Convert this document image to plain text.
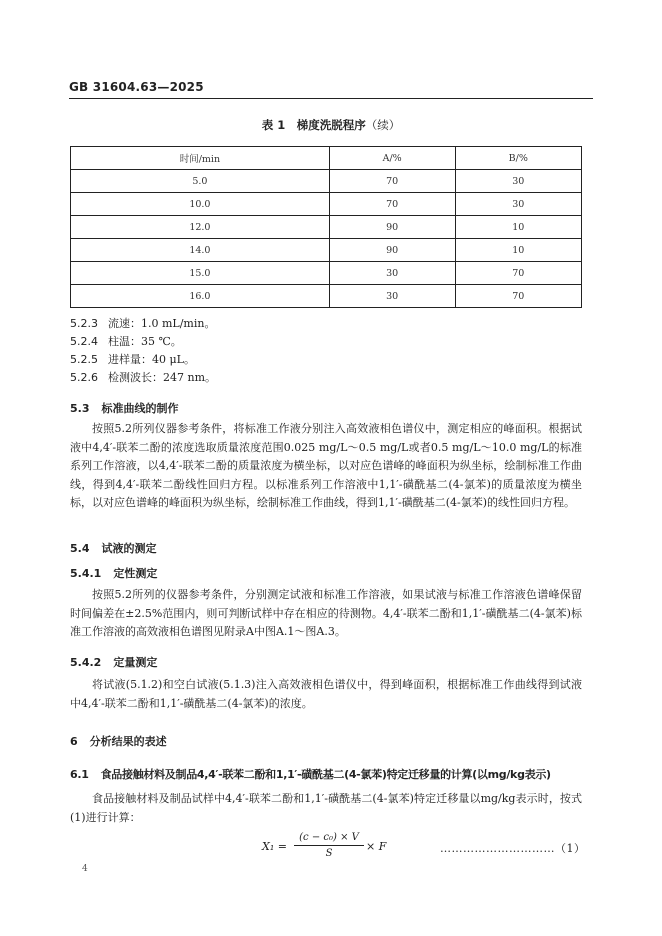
GB 31604.63—2025
表 1　梯度洗脱程序（续）
时间/min	A/%	B/%
5.0	70	30
10.0	70	30
12.0	90	10
14.0	90	10
15.0	30	70
16.0	30	70
5.2.3 流速：1.0 mL/min。
5.2.4 柱温：35 ℃。
5.2.5 进样量：40 μL。
5.2.6 检测波长：247 nm。
5.3 标准曲线的制作
按照5.2所列仪器参考条件，将标准工作液分别注入高效液相色谱仪中，测定相应的峰面积。根据试液中4,4′-联苯二酚的浓度选取质量浓度范围0.025 mg/L～0.5 mg/L或者0.5 mg/L～10.0 mg/L的标准系列工作溶液，以4,4′-联苯二酚的质量浓度为横坐标，以对应色谱峰的峰面积为纵坐标，绘制标准工作曲线，得到4,4′-联苯二酚线性回归方程。以标准系列工作溶液中1,1′-磺酰基二(4-氯苯)的质量浓度为横坐标，以对应色谱峰的峰面积为纵坐标，绘制标准工作曲线，得到1,1′-磺酰基二(4-氯苯)的线性回归方程。
5.4 试液的测定
5.4.1 定性测定
按照5.2所列的仪器参考条件，分别测定试液和标准工作溶液，如果试液与标准工作溶液色谱峰保留时间偏差在±2.5%范围内，则可判断试样中存在相应的待测物。4,4′-联苯二酚和1,1′-磺酰基二(4-氯苯)标准工作溶液的高效液相色谱图见附录A中图A.1～图A.3。
5.4.2 定量测定
将试液(5.1.2)和空白试液(5.1.3)注入高效液相色谱仪中，得到峰面积，根据标准工作曲线得到试液中4,4′-联苯二酚和1,1′-磺酰基二(4-氯苯)的浓度。
6 分析结果的表述
6.1 食品接触材料及制品4,4′-联苯二酚和1,1′-磺酰基二(4-氯苯)特定迁移量的计算(以mg/kg表示)
食品接触材料及制品试样中4,4′-联苯二酚和1,1′-磺酰基二(4-氯苯)特定迁移量以mg/kg表示时，按式(1)进行计算：
X₁ =
(c − c₀) × V
S
× F	…………………………（1）
4
